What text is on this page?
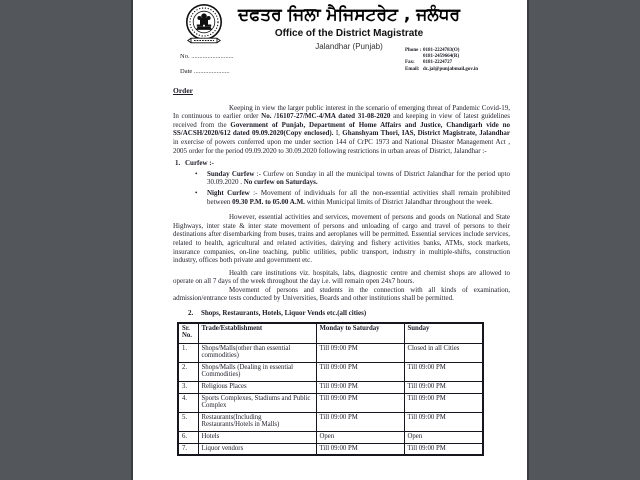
ਦਫਤਰ ਜਿਲਾ ਮੈਜਿਸਟਰੇਟ , ਜਲੰਧਰ
Office of the District Magistrate
Jalandhar (Punjab)
No. ..........................
Date ......................
Phone : 0181-2224783(O)
0181-2459664(R)
Fax: 0181-2224727
Email: dc.jal@punjabmail.gov.in
Order

Keeping in view the larger public interest in the scenario of emerging threat of Pandemic Covid-19, In continuous to earlier order No. /16107-27/MC-4/MA dated 31-08-2020 and keeping in view of latest guidelines received from the Government of Punjab, Department of Home Affairs and Justice, Chandigarh vide no SS/ACSH/2020/612 dated 09.09.2020(Copy enclosed). I, Ghanshyam Thori, IAS, District Magistrate, Jalandhar in exercise of powers conferred upon me under section 144 of CrPC 1973 and National Disaster Management Act , 2005 order for the period 09.09.2020 to 30.09.2020 following restrictions in urban areas of District, Jalandhar :-

1. Curfew :-
•	Sunday Curfew :- Curfew on Sunday in all the municipal towns of District Jalandhar for the period upto 30.09.2020 . No curfew on Saturdays.
•	Night Curfew :- Movement of individuals for all the non-essential activities shall remain prohibited between 09.30 P.M. to 05.00 A.M. within Municipal limits of District Jalandhar throughout the week.

However, essential activities and services, movement of persons and goods on National and State Highways, inter state & inter state movement of persons and unloading of cargo and travel of persons to their destinations after disembarking from buses, trains and aeroplanes will be permitted. Essential services include services, related to health, agricultural and related activities, dairying and fishery activities banks, ATMs, stock markets, insurance companies, on-line teaching, public utilities, public transport, industry in multiple-shifts, construction industry, offices both private and government etc.

Health care institutions viz. hospitals, labs, diagnostic centre and chemist shops are allowed to operate on all 7 days of the week throughout the day i.e. will remain open 24x7 hours.

Movement of persons and students in the connection with all kinds of examination, admission/entrance tests conducted by Universities, Boards and other institutions shall be permitted.

2.	Shops, Restaurants, Hotels, Liquor Vends etc.(all cities)
Sr. No.	Trade/Establishment	Monday to Saturday	Sunday
1.	Shops/Malls(other than essential commodities)	Till 09:00 PM	Closed in all Cities
2.	Shops/Malls (Dealing in essential Commodities)	Till 09:00 PM	Till 09:00 PM
3.	Religious Places	Till 09:00 PM	Till 09:00 PM
4.	Sports Complexes, Stadiums and Public Complex	Till 09:00 PM	Till 09:00 PM
5.	Restaurants(Including Restaurants/Hotels in Malls)	Till 09:00 PM	Till 09:00 PM
6.	Hotels	Open	Open
7.	Liquor vendors	Till 09:00 PM	Till 09:00 PM
